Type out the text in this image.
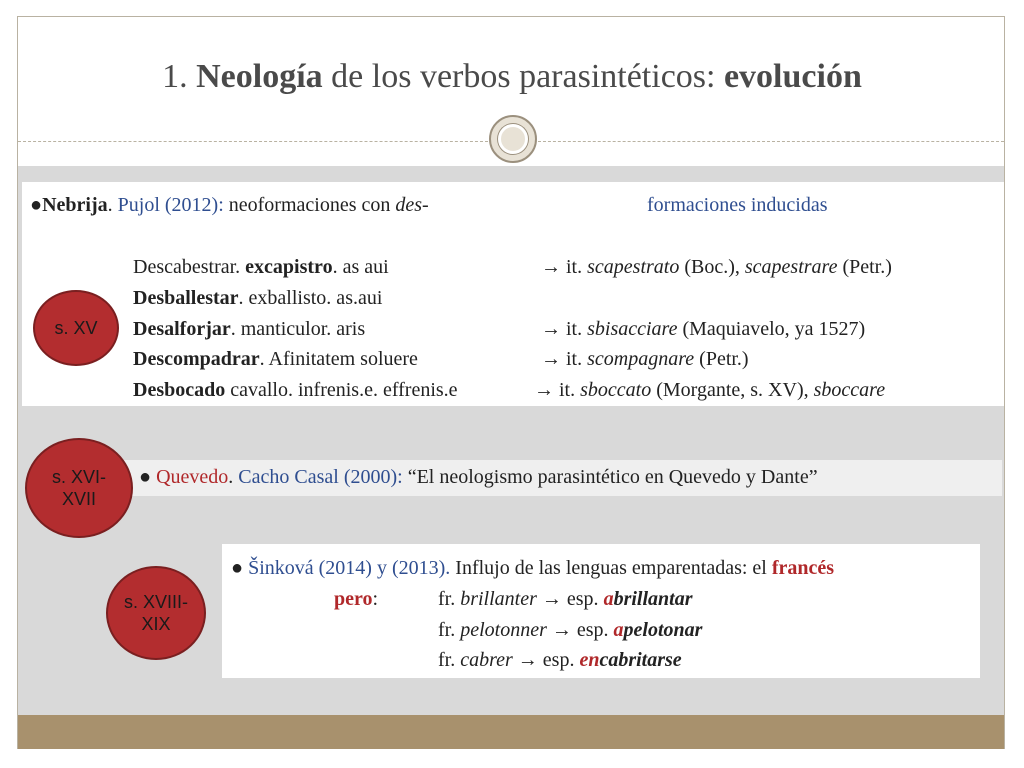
1. Neología de los verbos parasintéticos: evolución
●Nebrija. Pujol (2012): neoformaciones con des-	formaciones inducidas
Descabestrar. excapistro. as aui
Desballestar. exballisto. as.aui
Desalforjar. manticulor. aris
Descompadrar. Afinitatem soluere
Desbocado cavallo. infrenis.e. effrenis.e
→ it. scapestrato (Boc.), scapestrare (Petr.)
→ it. sbisacciare (Maquiavelo, ya 1527)
→ it. scompagnare (Petr.)
→ it. sboccato (Morgante, s. XV), sboccare
s. XV
● Quevedo. Cacho Casal (2000): “El neologismo parasintético en Quevedo y Dante”
s. XVI-
XVII
● Šinková (2014) y (2013). Influjo de las lenguas emparentadas: el francés
pero:	fr. brillanter → esp. abrillantar
fr. pelotonner → esp. apelotonar
fr. cabrer → esp. encabritarse
s. XVIII-
XIX
